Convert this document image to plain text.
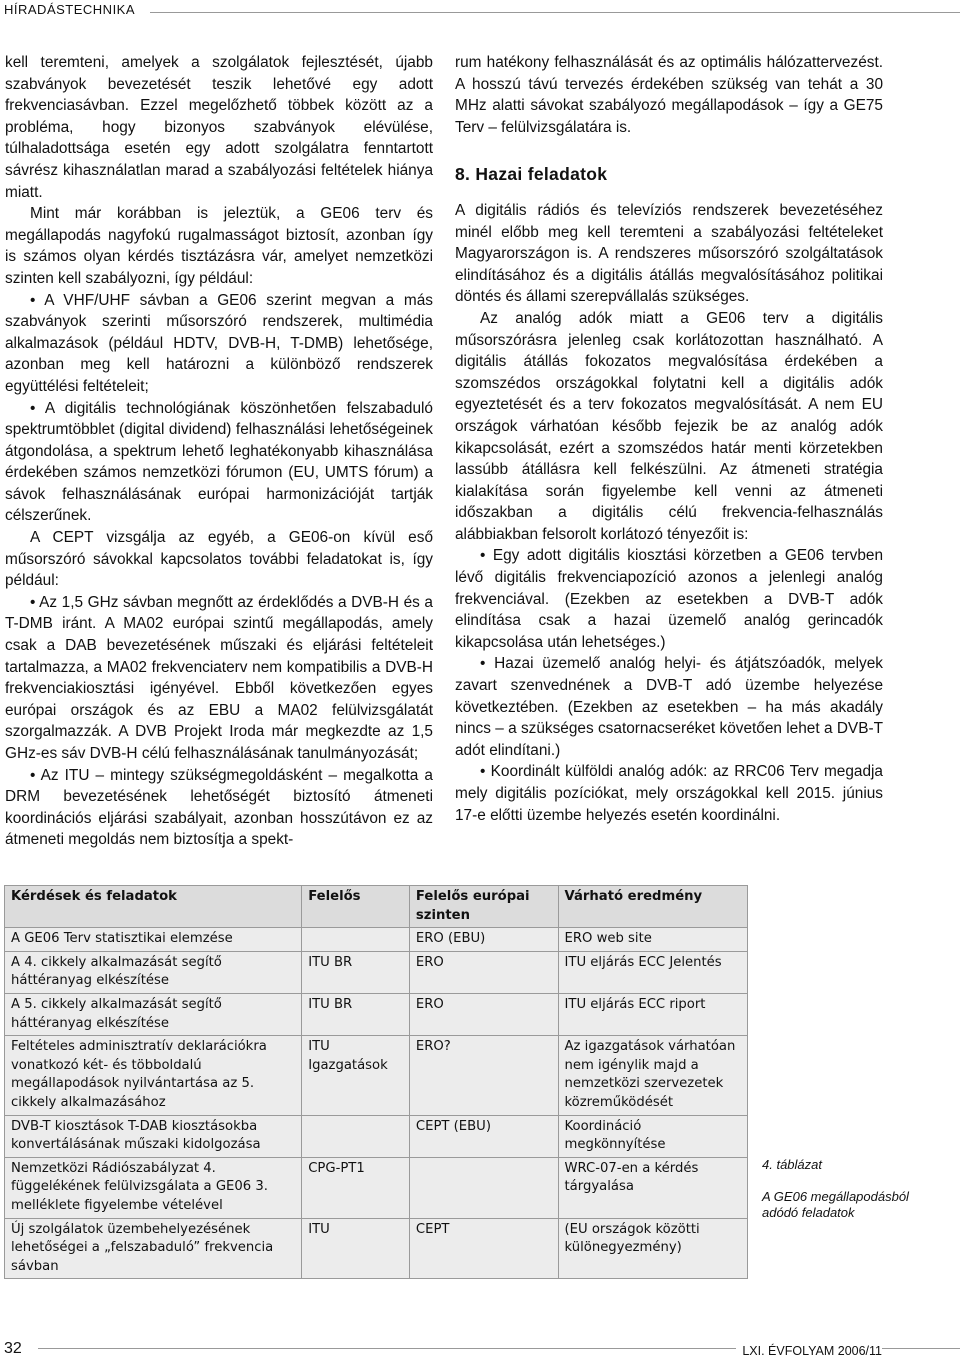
HÍRADÁSTECHNIKA

kell teremteni, amelyek a szolgálatok fejlesztését, újabb szabványok bevezetését teszik lehetővé egy adott frekvenciasávban. Ezzel megelőzhető többek között az a probléma, hogy bizonyos szabványok elévülése, túlhaladottsága esetén egy adott szolgálatra fenntartott sávrész kihasználatlan marad a szabályozási feltételek hiánya miatt.

Mint már korábban is jeleztük, a GE06 terv és megállapodás nagyfokú rugalmasságot biztosít, azonban így is számos olyan kérdés tisztázásra vár, amelyet nemzetközi szinten kell szabályozni, így például:

• A VHF/UHF sávban a GE06 szerint megvan a más szabványok szerinti műsorszóró rendszerek, multimédia alkalmazások (például HDTV, DVB-H, T-DMB) lehetősége, azonban meg kell határozni a különböző rendszerek együttélési feltételeit;

• A digitális technológiának köszönhetően felszabaduló spektrumtöbblet (digital dividend) felhasználási lehetőségeinek átgondolása, a spektrum lehető leghatékonyabb kihasználása érdekében számos nemzetközi fórumon (EU, UMTS fórum) a sávok felhasználásának európai harmonizációját tartják célszerűnek.

A CEPT vizsgálja az egyéb, a GE06-on kívül eső műsorszóró sávokkal kapcsolatos további feladatokat is, így például:

• Az 1,5 GHz sávban megnőtt az érdeklődés a DVB-H és a T-DMB iránt. A MA02 európai szintű megállapodás, amely csak a DAB bevezetésének műszaki és eljárási feltételeit tartalmazza, a MA02 frekvenciaterv nem kompatibilis a DVB-H frekvenciakiosztási igényével. Ebből következően egyes európai országok és az EBU a MA02 felülvizsgálatát szorgalmazzák. A DVB Projekt Iroda már megkezdte az 1,5 GHz-es sáv DVB-H célú felhasználásának tanulmányozását;

• Az ITU – mintegy szükségmegoldásként – megalkotta a DRM bevezetésének lehetőségét biztosító átmeneti koordinációs eljárási szabályait, azonban hosszútávon ez az átmeneti megoldás nem biztosítja a spekt-

rum hatékony felhasználását és az optimális hálózattervezést. A hosszú távú tervezés érdekében szükség van tehát a 30 MHz alatti sávokat szabályozó megállapodások – így a GE75 Terv – felülvizsgálatára is.

8. Hazai feladatok

A digitális rádiós és televíziós rendszerek bevezetéséhez minél előbb meg kell teremteni a szabályozási feltételeket Magyarországon is. A rendszeres műsorszóró szolgáltatások elindításához és a digitális átállás megvalósításához politikai döntés és állami szerepvállalás szükséges.

Az analóg adók miatt a GE06 terv a digitális műsorszórásra jelenleg csak korlátozottan használható. A digitális átállás fokozatos megvalósítása érdekében a szomszédos országokkal folytatni kell a digitális adók egyeztetését és a terv fokozatos megvalósítását. A nem EU országok várhatóan később fejezik be az analóg adók kikapcsolását, ezért a szomszédos határ menti körzetekben lassúbb átállásra kell felkészülni. Az átmeneti stratégia kialakítása során figyelembe kell venni az átmeneti időszakban a digitális célú frekvencia-felhasználás alábbiakban felsorolt korlátozó tényezőit is:

• Egy adott digitális kiosztási körzetben a GE06 tervben lévő digitális frekvenciapozíció azonos a jelenlegi analóg frekvenciával. (Ezekben az esetekben a DVB-T adók elindítása csak a hazai üzemelő analóg gerincadók kikapcsolása után lehetséges.)

• Hazai üzemelő analóg helyi- és átjátszóadók, melyek zavart szenvednének a DVB-T adó üzembe helyezése következtében. (Ezekben az esetekben – ha más akadály nincs – a szükséges csatornacseréket követően lehet a DVB-T adót elindítani.)

• Koordinált külföldi analóg adók: az RRC06 Terv megadja mely digitális pozíciókat, mely országokkal kell 2015. június 17-e előtti üzembe helyezés esetén koordinálni.

Kérdések és feladatok	Felelős	Felelős európai szinten	Várható eredmény
A GE06 Terv statisztikai elemzése		ERO (EBU)	ERO web site
A 4. cikkely alkalmazását segítő háttéranyag elkészítése	ITU BR	ERO	ITU eljárás ECC Jelentés
A 5. cikkely alkalmazását segítő háttéranyag elkészítése	ITU BR	ERO	ITU eljárás ECC riport
Feltételes adminisztratív deklarációkra vonatkozó két- és többoldalú megállapodások nyilvántartása az 5. cikkely alkalmazásához	ITU Igazgatások	ERO?	Az igazgatások várhatóan nem igénylik majd a nemzetközi szervezetek közreműködését
DVB-T kiosztások T-DAB kiosztásokba konvertálásának műszaki kidolgozása		CEPT (EBU)	Koordináció megkönnyítése
Nemzetközi Rádiószabályzat 4. függelékének felülvizsgálata a GE06 3. melléklete figyelembe vételével	CPG-PT1		WRC-07-en a kérdés tárgyalása
Új szolgálatok üzembehelyezésének lehetőségei a „felszabaduló” frekvencia sávban	ITU	CEPT	(EU országok közötti különegyezmény)
4. táblázat
A GE06 megállapodásból adódó feladatok
32	LXI. ÉVFOLYAM 2006/11
